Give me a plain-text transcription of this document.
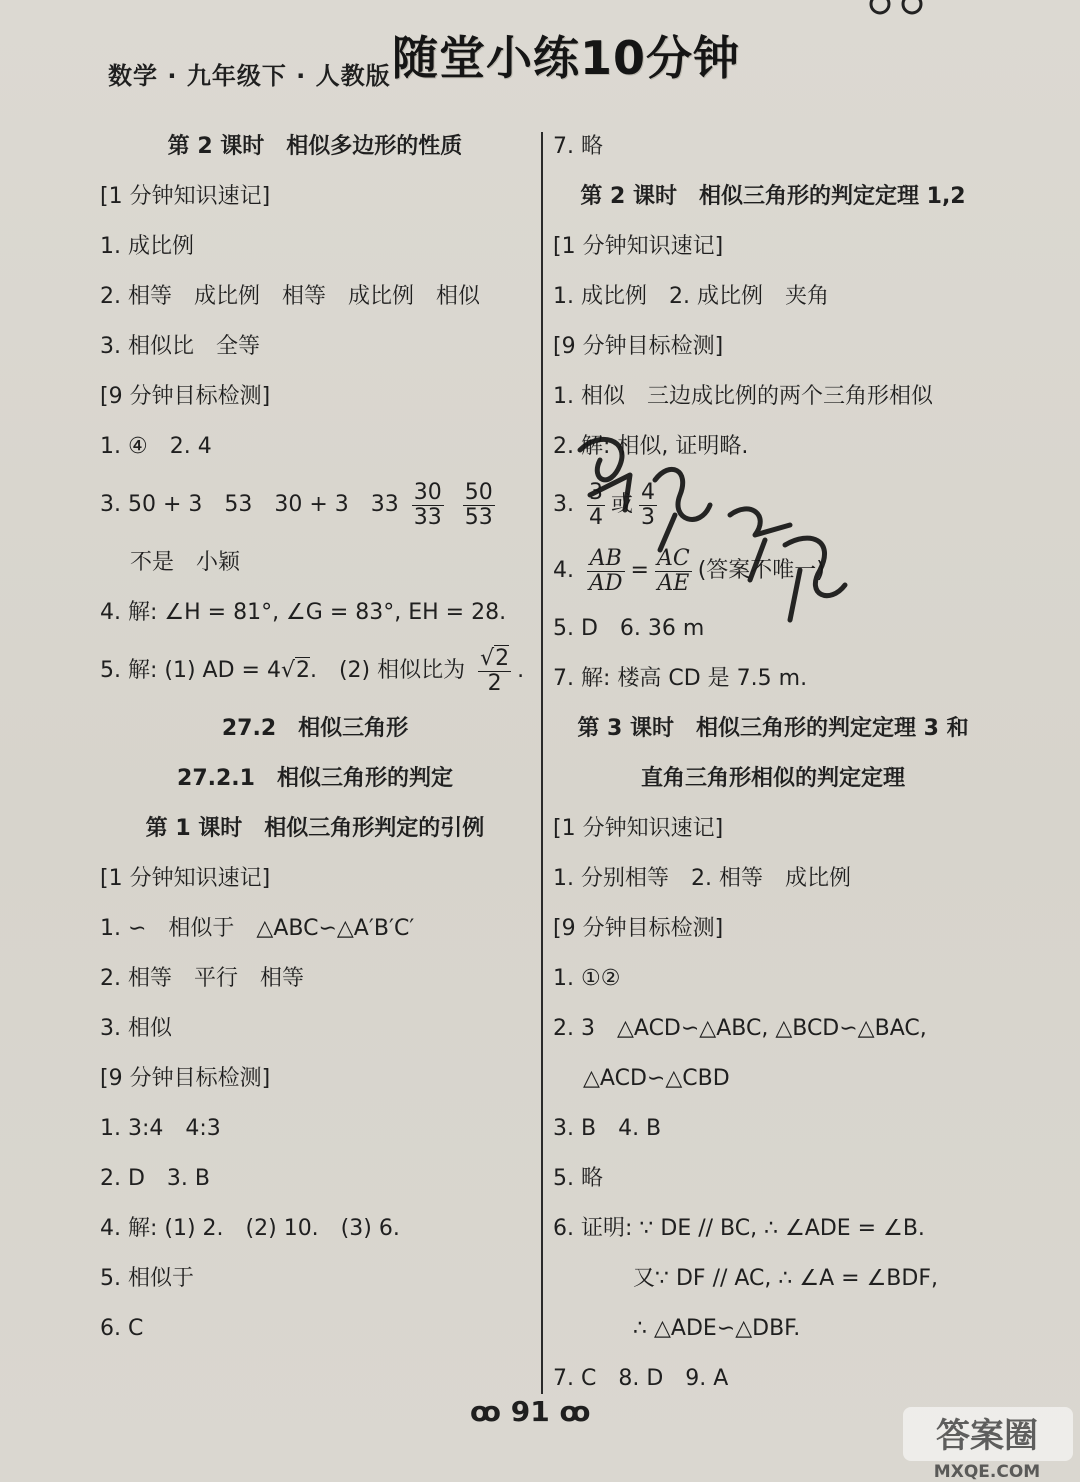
数学 · 九年级下 · 人教版 随堂小练10分钟
第 2 课时　相似多边形的性质
[1 分钟知识速记]
1. 成比例
2. 相等　成比例　相等　成比例　相似
3. 相似比　全等
[9 分钟目标检测]
1. ④　2. 4
3. 50 + 3　53　30 + 3　$33 \frac{30}{33}$
$\frac{50}{53}$
不是　小颖
4. 解: ∠H = 81°, ∠G = 83°, EH = 28.
5. 解: (1) AD = 4√2.　(2) 相似比为 $\frac{√2}{2}$ .
27.2　相似三角形
27.2.1　相似三角形的判定
第 1 课时　相似三角形判定的引例
[1 分钟知识速记]
1. ∽　相似于　△ABC∽△A′B′C′
2. 相等　平行　相等
3. 相似
[9 分钟目标检测]
1. 3:4　4:3
2. D　3. B
4. 解: (1) 2.　(2) 10.　(3) 6.
5. 相似于
6. C
7. 略
第 2 课时　相似三角形的判定定理 1,2
[1 分钟知识速记]
1. 成比例　2. 成比例　夹角
[9 分钟目标检测]
1. 相似　三边成比例的两个三角形相似
2. 解: 相似, 证明略.
3. $\frac{3}{4}$ 或 $\frac{4}{3}$
4. $\frac{AB}{AD} = \frac{AC}{AE}$ (答案不唯一)
5. D　6. 36 m
7. 解: 楼高 CD 是 7.5 m.
第 3 课时　相似三角形的判定定理 3 和
直角三角形相似的判定定理
[1 分钟知识速记]
1. 分别相等　2. 相等　成比例
[9 分钟目标检测]
1. ①②
2. 3　△ACD∽△ABC, △BCD∽△BAC,
△ACD∽△CBD
3. B　4. B
5. 略
6. 证明: ∵ DE // BC, ∴ ∠ADE = ∠B.
又∵ DF // AC, ∴ ∠A = ∠BDF,
∴ △ADE∽△DBF.
7. C　8. D　9. A
ꝏ 91 ꝏ
答案圈
MXQE.COM
